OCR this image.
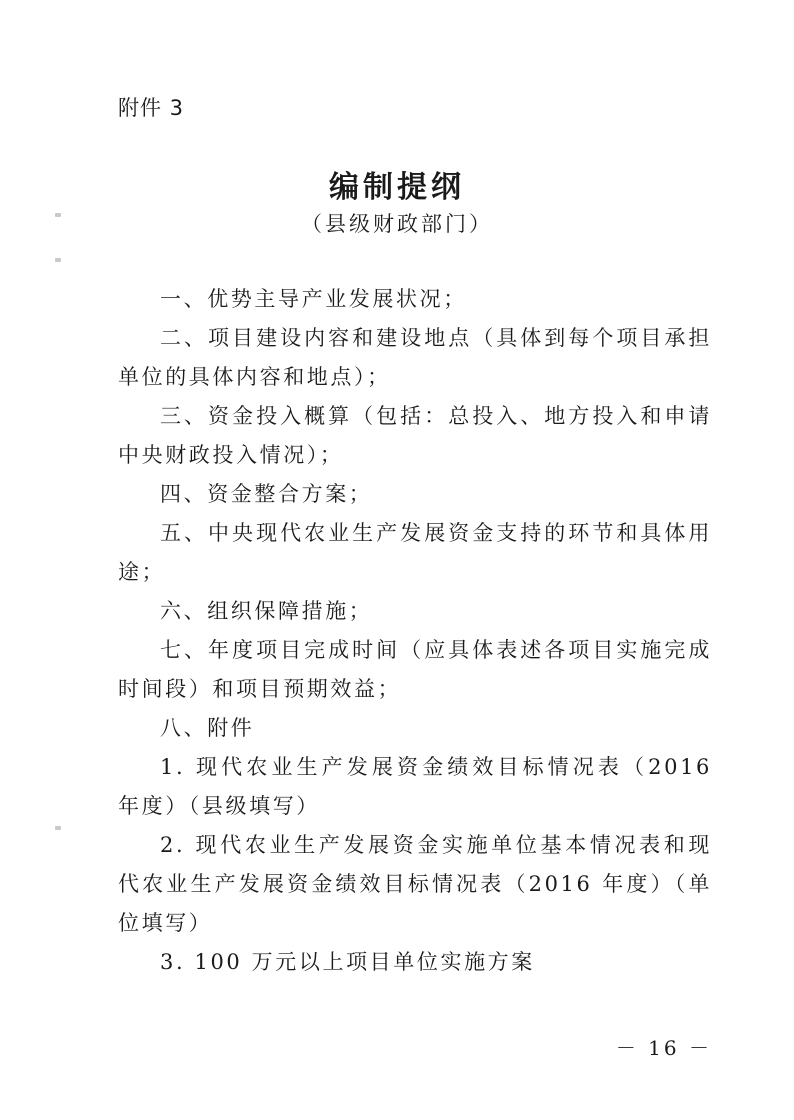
附件 3
编制提纲
（县级财政部门）

一、优势主导产业发展状况；

二、项目建设内容和建设地点（具体到每个项目承担单位的具体内容和地点）；

三、资金投入概算（包括：总投入、地方投入和申请中央财政投入情况）；

四、资金整合方案；

五、中央现代农业生产发展资金支持的环节和具体用途；

六、组织保障措施；

七、年度项目完成时间（应具体表述各项目实施完成时间段）和项目预期效益；

八、附件

1. 现代农业生产发展资金绩效目标情况表（2016 年度）（县级填写）

2. 现代农业生产发展资金实施单位基本情况表和现代农业生产发展资金绩效目标情况表（2016 年度）（单位填写）

3. 100 万元以上项目单位实施方案

－ 16 －
